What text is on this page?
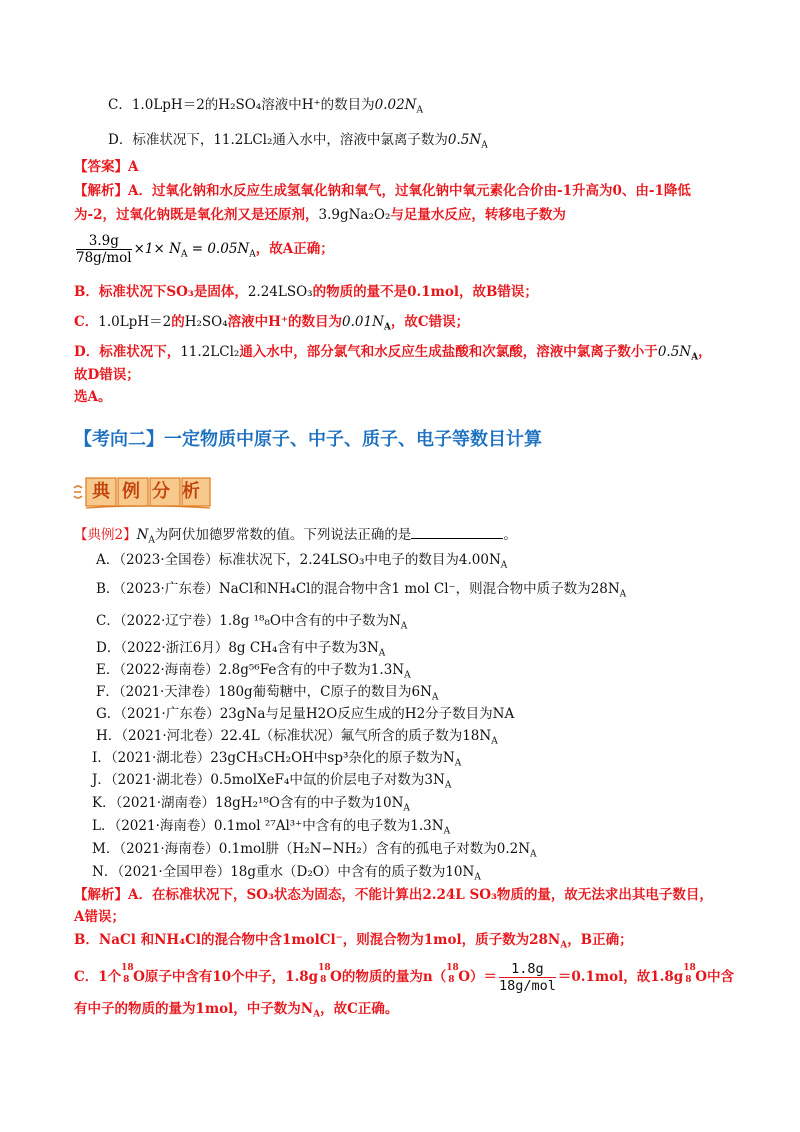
C．1.0LpH＝2的H₂SO₄溶液中H⁺的数目为$0.02N_A$
D．标准状况下，11.2LCl₂通入水中，溶液中氯离子数为$0.5N_A$
【答案】A
【解析】A．过氧化钠和水反应生成氢氧化钠和氧气，过氧化钠中氧元素化合价由-1升高为0、由-1降低
为-2，过氧化钠既是氧化剂又是还原剂，3.9gNa₂O₂与足量水反应，转移电子数为
$\frac{3.9g}{\text{78g/mol}} \times 1\times N_A = 0.05N_A$，故A正确；
B．标准状况下SO₃是固体，2.24LSO₃的物质的量不是0.1mol，故B错误；
C．1.0LpH＝2的H₂SO₄溶液中H⁺的数目为$0.01N_A$，故C错误；
D．标准状况下，11.2LCl₂通入水中，部分氯气和水反应生成盐酸和次氯酸，溶液中氯离子数小于$0.5N_A$，
故D错误；
选A。
【考向二】一定物质中原子、中子、质子、电子等数目计算
典例分析
【典例2】$N_A$为阿伏加德罗常数的值。下列说法正确的是	。
A．（2023·全国卷）标准状况下，2.24LSO₃中电子的数目为$4.00N_A$
B．（2023·广东卷）NaCl和NH₄Cl的混合物中含1 mol Cl⁻，则混合物中质子数为$28N_A$
C．（2022·辽宁卷）1.8g ¹⁸₈O中含有的中子数为$N_A$
D．（2022·浙江6月）8g CH₄含有中子数为$3N_A$
E．（2022·海南卷）2.8g⁵⁶Fe含有的中子数为$1.3N_A$
F．（2021·天津卷）180g葡萄糖中，C原子的数目为$6N_A$
G．（2021·广东卷）23gNa与足量H2O反应生成的H2分子数目为NA
H．（2021·河北卷）22.4L（标准状况）氟气所含的质子数为$18N_A$
I．（2021·湖北卷）23gCH₃CH₂OH中sp³杂化的原子数为$N_A$
J．（2021·湖北卷）0.5molXeF₄中氙的价层电子对数为$3N_A$
K．（2021·湖南卷）18gH₂¹⁸O含有的中子数为$10N_A$
L．（2021·海南卷）0.1mol ²⁷Al³⁺中含有的电子数为$1.3N_A$
M．（2021·海南卷）0.1mol肼（H₂N−NH₂）含有的孤电子对数为$0.2N_A$
N．（2021·全国甲卷）18g重水（D₂O）中含有的质子数为$10N_A$
【解析】A．在标准状况下，SO₃状态为固态，不能计算出2.24L SO₃物质的量，故无法求出其电子数目，
A错误；
B．NaCl 和NH₄Cl的混合物中含1molCl⁻，则混合物为1mol，质子数为$28N_A$，B正确；
C．1个
18
8 O原子中含有10个中子，1.8g
18
8 O的物质的量为n（
18
8 $O)= \frac{1.8g}{\text{18g/mol}} =0.1mol$，故1.8g
18
8 O中含
有中子的物质的量为1mol，中子数为$N_A$，故C正确。
